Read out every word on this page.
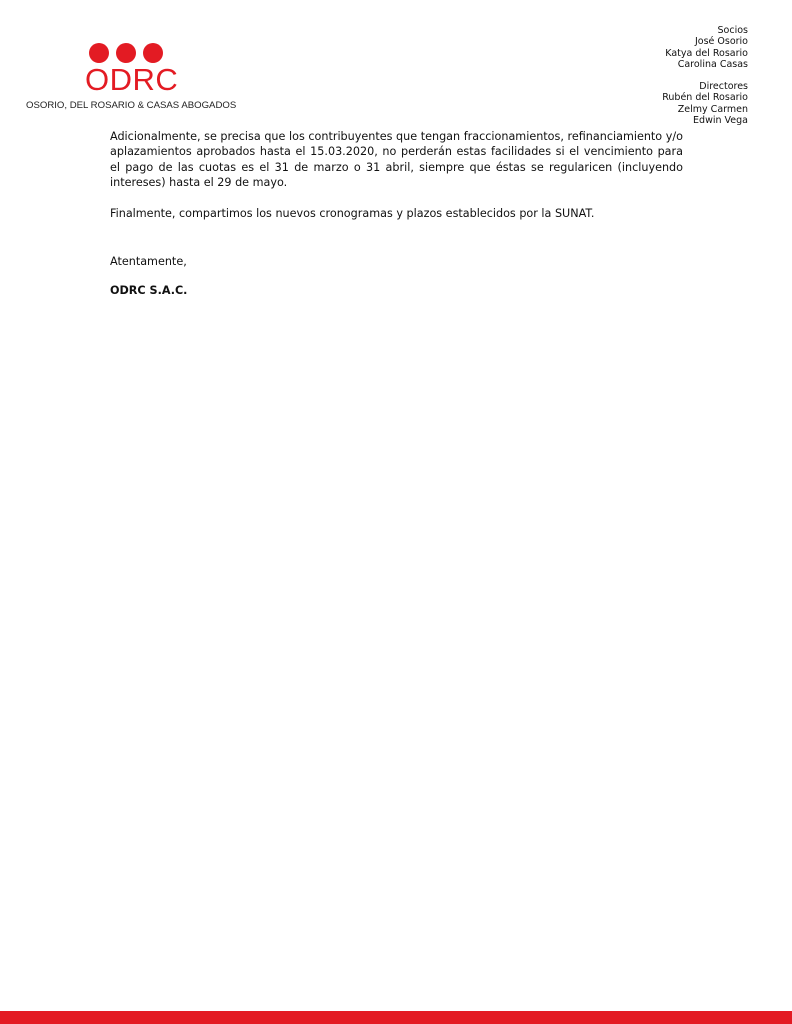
ODRC
OSORIO, DEL ROSARIO & CASAS ABOGADOS
Socios
José Osorio
Katya del Rosario
Carolina Casas
Directores
Rubén del Rosario
Zelmy Carmen
Edwin Vega

Adicionalmente, se precisa que los contribuyentes que tengan fraccionamientos, refinanciamiento y/o aplazamientos aprobados hasta el 15.03.2020, no perderán estas facilidades si el vencimiento para el pago de las cuotas es el 31 de marzo o 31 abril, siempre que éstas se regularicen (incluyendo intereses) hasta el 29 de mayo.

Finalmente, compartimos los nuevos cronogramas y plazos establecidos por la SUNAT.

Atentamente,

ODRC S.A.C.
